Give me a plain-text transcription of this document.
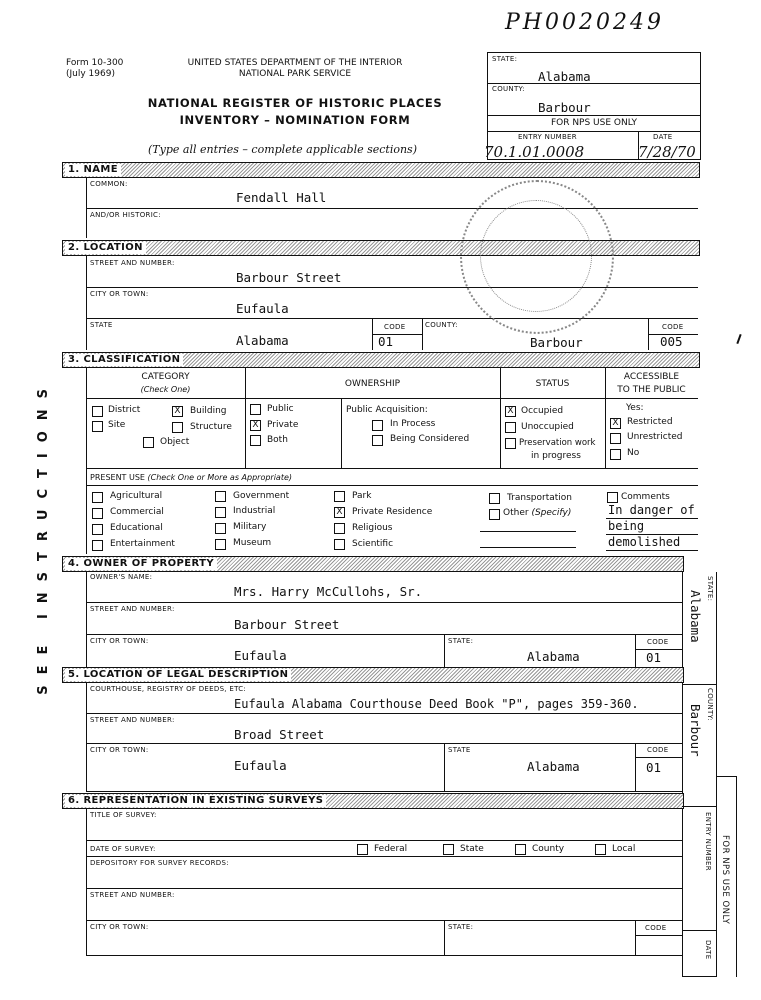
PH0020249
Form 10-300
(July 1969)
UNITED STATES DEPARTMENT OF THE INTERIOR
NATIONAL PARK SERVICE
NATIONAL REGISTER OF HISTORIC PLACES
INVENTORY – NOMINATION FORM
(Type all entries – complete applicable sections)
STATE:
Alabama
COUNTY:
Barbour
FOR NPS USE ONLY
ENTRY NUMBER	DATE
70.1.01.0008	7/28/70
SEE INSTRUCTIONS
1. NAME
COMMON:
Fendall Hall
AND/OR HISTORIC:
2. LOCATION
STREET AND NUMBER:
Barbour Street
CITY OR TOWN:
Eufaula
STATE
Alabama
CODE
01
COUNTY:
Barbour
CODE
005
3. CLASSIFICATION
CATEGORY
(Check One)
OWNERSHIP	STATUS
ACCESSIBLE
TO THE PUBLIC
District	X Building
Site	Structure
Object
Public
X Private
Both
Public Acquisition:
In Process
Being Considered
X Occupied
Unoccupied
Preservation work
in progress
Yes:
X Restricted
Unrestricted
No
PRESENT USE (Check One or More as Appropriate)
Agricultural
Commercial
Educational
Entertainment
Government
Industrial
Military
Museum
Park
X Private Residence
Religious
Scientific
Transportation
Other (Specify)
Comments
In danger of
being
demolished
4. OWNER OF PROPERTY
OWNER'S NAME:
Mrs. Harry McCullohs, Sr.
STREET AND NUMBER:
Barbour Street
CITY OR TOWN:
Eufaula
STATE:
Alabama
CODE
01
5. LOCATION OF LEGAL DESCRIPTION
COURTHOUSE, REGISTRY OF DEEDS, ETC:
Eufaula Alabama Courthouse Deed Book "P", pages 359-360.
STREET AND NUMBER:
Broad Street
CITY OR TOWN:
Eufaula
STATE
Alabama
CODE
01
6. REPRESENTATION IN EXISTING SURVEYS
TITLE OF SURVEY:
DATE OF SURVEY:	Federal	State	County	Local
DEPOSITORY FOR SURVEY RECORDS:
STREET AND NUMBER:
CITY OR TOWN:	STATE:	CODE
STATE:
Alabama
COUNTY:
Barbour
ENTRY NUMBER
DATE
FOR NPS USE ONLY
